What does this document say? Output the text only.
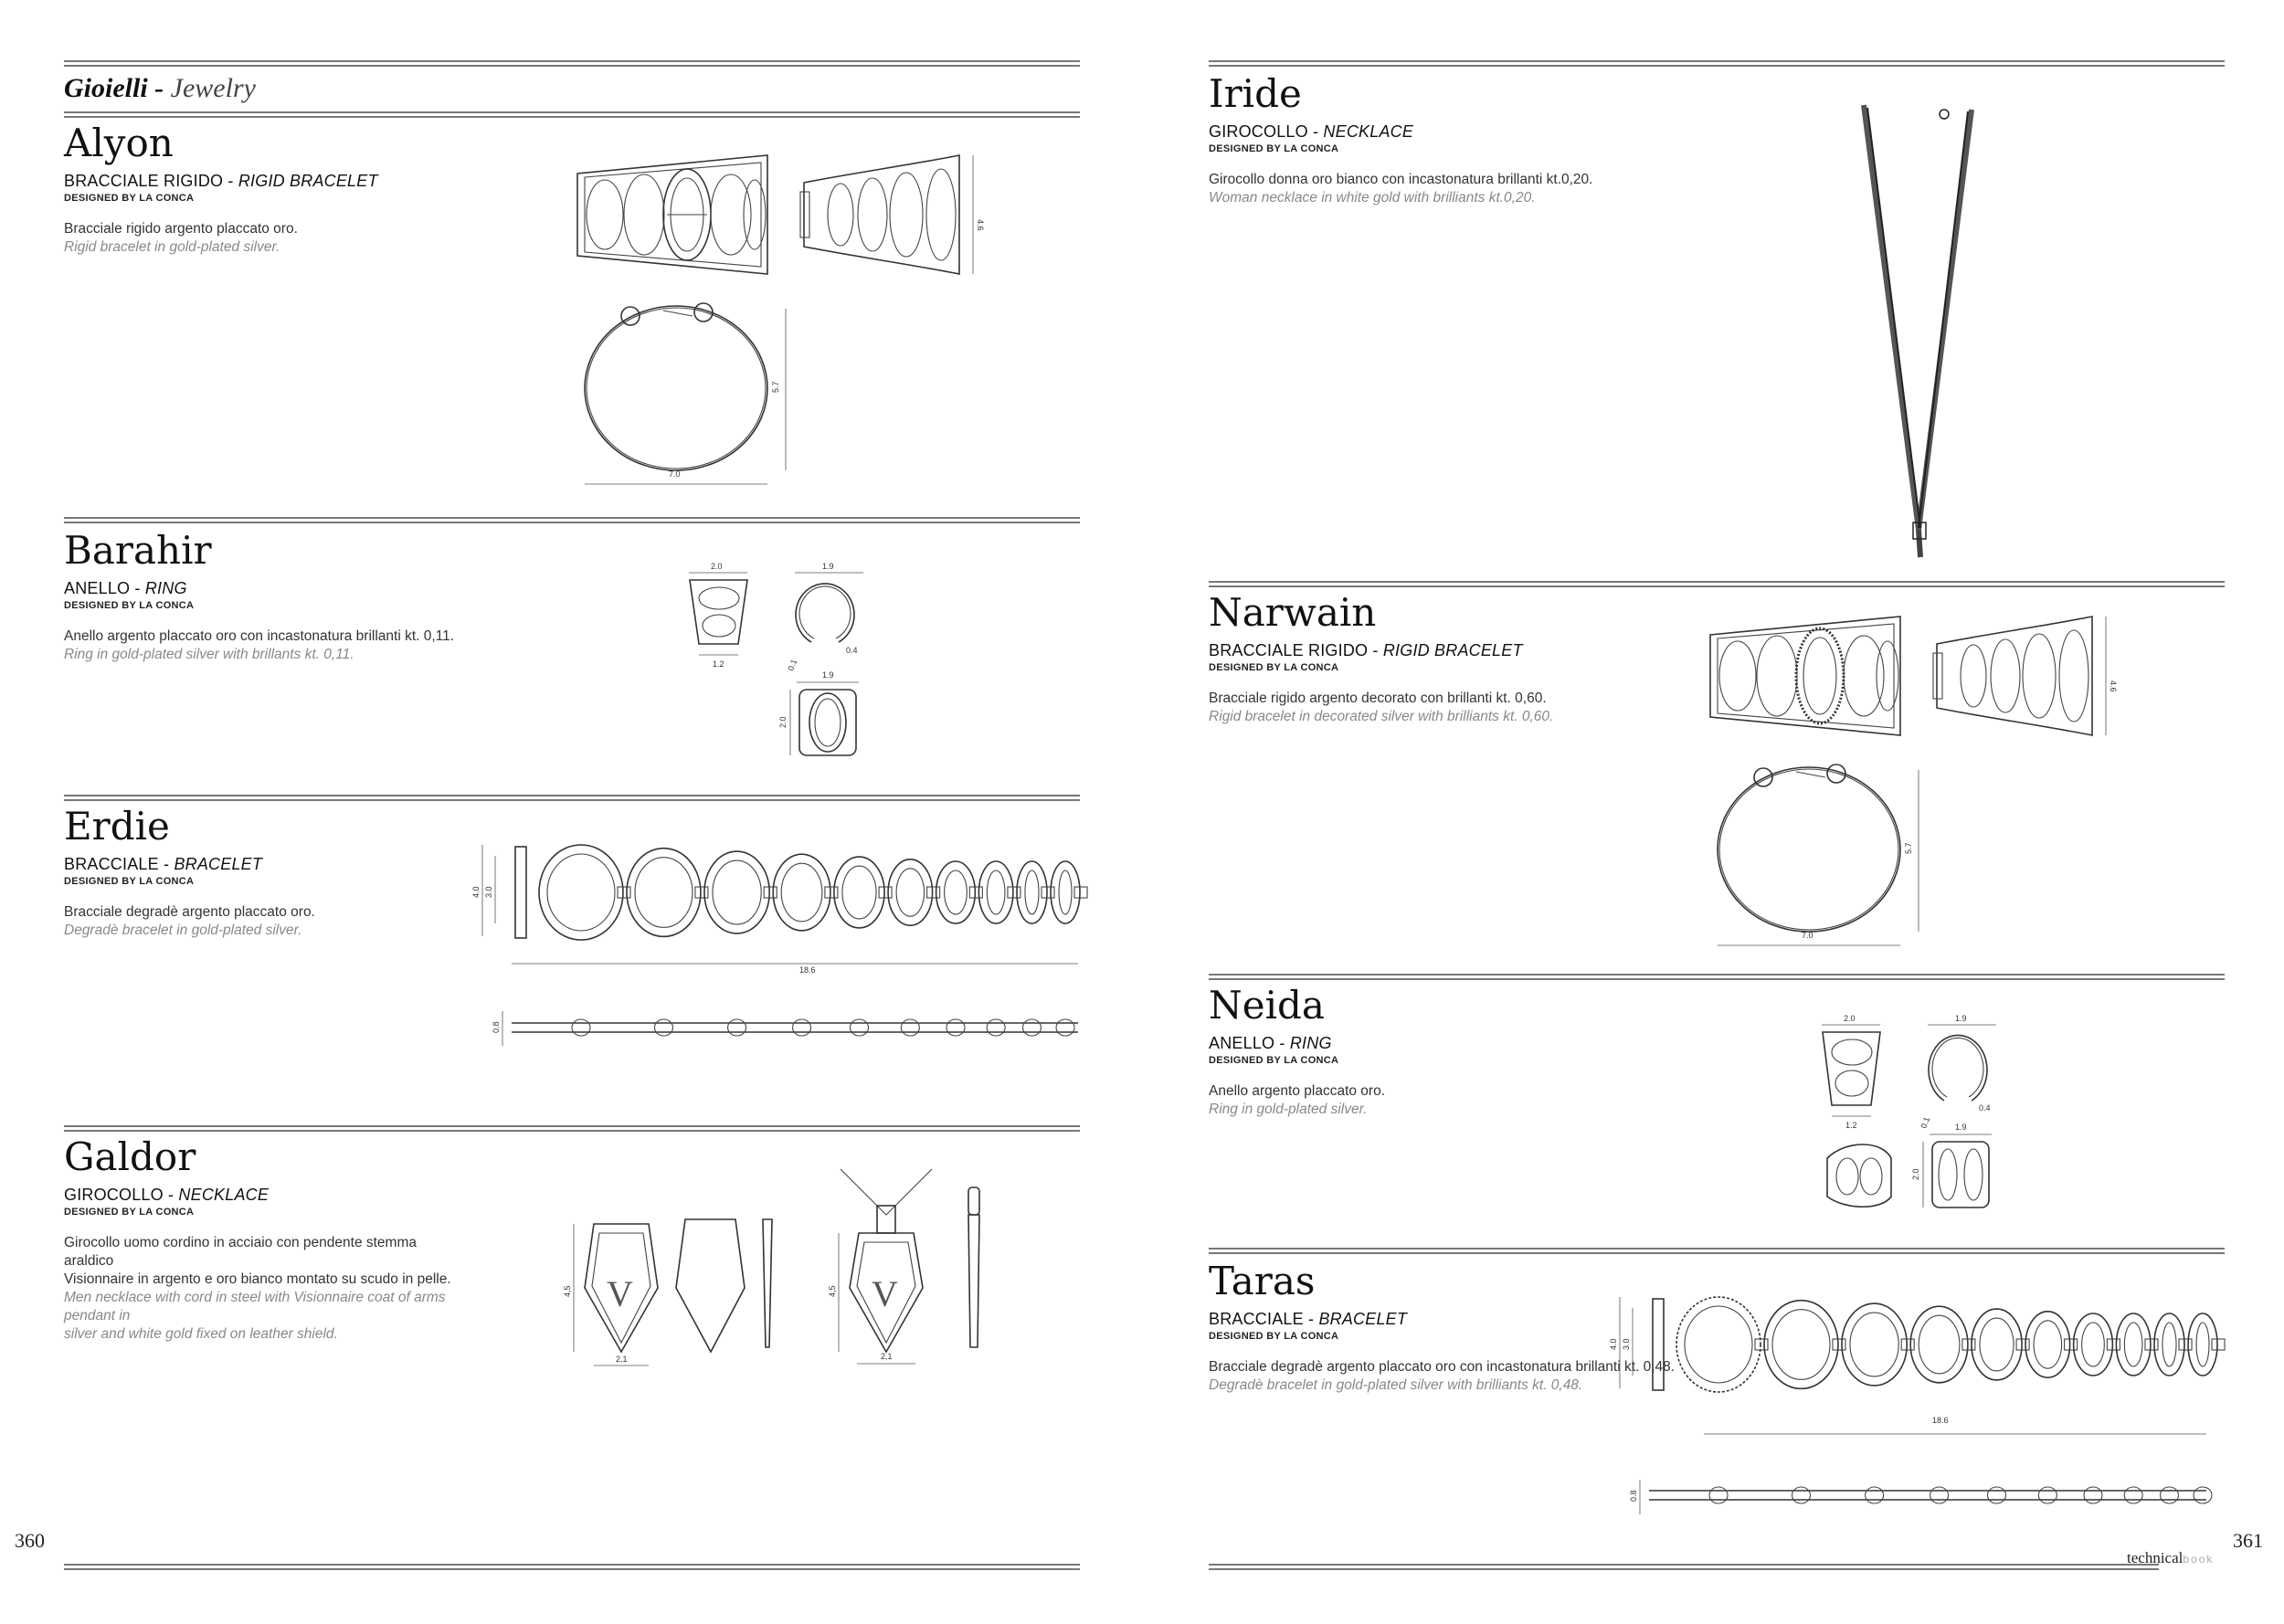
Gioielli - Jewelry
Alyon
BRACCIALE RIGIDO - RIGID BRACELET
DESIGNED BY LA CONCA
Bracciale rigido argento placcato oro.
Rigid bracelet in gold-plated silver.
4.6
5.7
7.0
Barahir
ANELLO - RING
DESIGNED BY LA CONCA
Anello argento placcato oro con incastonatura brillanti kt. 0,11.
Ring in gold-plated silver with brillants kt. 0,11.
2.0
1.2
1.9
0.4
0.1
1.9
2.0
Erdie
BRACCIALE - BRACELET
DESIGNED BY LA CONCA
Bracciale degradè argento placcato oro.
Degradè bracelet in gold-plated silver.
4.0 3.0
18.6
0.8
Galdor
GIROCOLLO - NECKLACE
DESIGNED BY LA CONCA
Girocollo uomo cordino in acciaio con pendente stemma araldico
Visionnaire in argento e oro bianco montato su scudo in pelle.
Men necklace with cord in steel with Visionnaire coat of arms pendant in
silver and white gold fixed on leather shield.
V
4,5
2,1
V
4,5
2,1
360
Iride
GIROCOLLO - NECKLACE
DESIGNED BY LA CONCA
Girocollo donna oro bianco con incastonatura brillanti kt.0,20.
Woman necklace in white gold with brilliants kt.0,20.
Narwain
BRACCIALE RIGIDO - RIGID BRACELET
DESIGNED BY LA CONCA
Bracciale rigido argento decorato con brillanti kt. 0,60.
Rigid bracelet in decorated silver with brilliants kt. 0,60.
4.6
5.7
7.0
Neida
ANELLO - RING
DESIGNED BY LA CONCA
Anello argento placcato oro.
Ring in gold-plated silver.
2.0
1.2
1.9
0.4
0.1	1.9
2.0
Taras
BRACCIALE - BRACELET
DESIGNED BY LA CONCA
Bracciale degradè argento placcato oro con incastonatura brillanti kt. 0,48.
Degradè bracelet in gold-plated silver with brilliants kt. 0,48.
4.0 3.0
18.6
0.8
361
technicalbook
